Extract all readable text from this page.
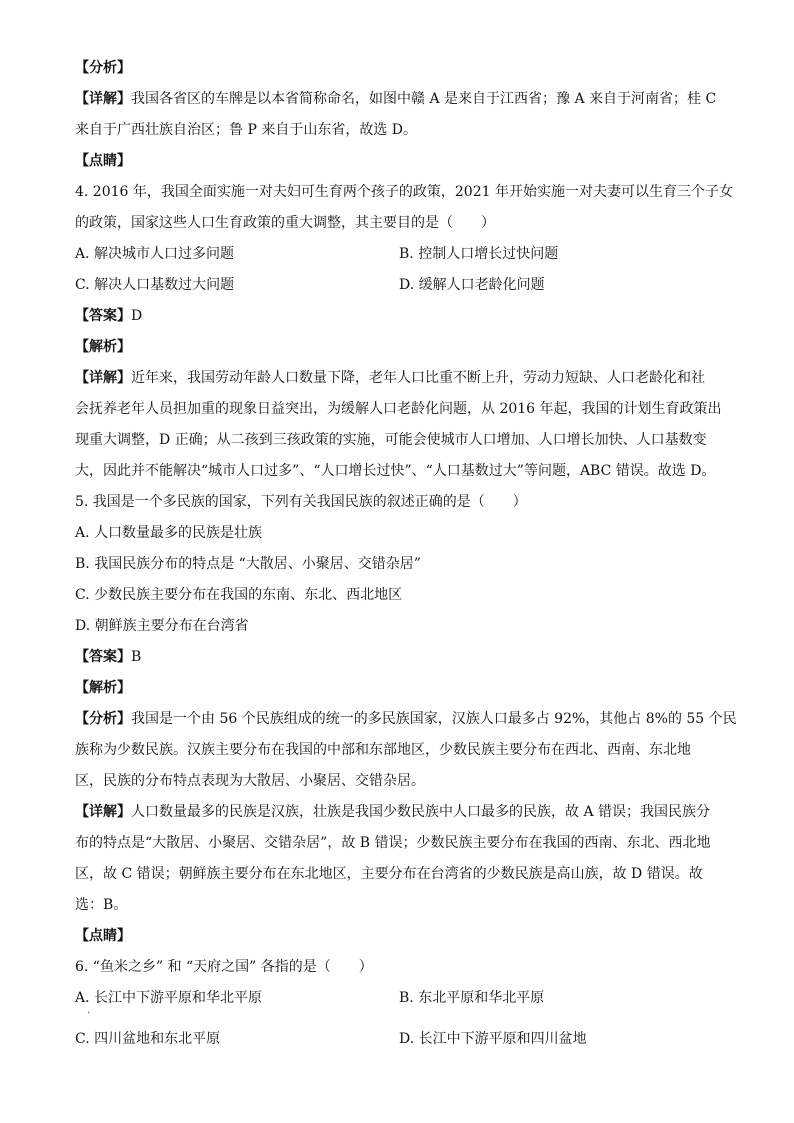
【分析】
【详解】我国各省区的车牌是以本省简称命名，如图中赣 A 是来自于江西省；豫 A 来自于河南省；桂 C
来自于广西壮族自治区；鲁 P 来自于山东省，故选 D。
【点睛】
4. 2016 年，我国全面实施一对夫妇可生育两个孩子的政策，2021 年开始实施一对夫妻可以生育三个子女
的政策，国家这些人口生育政策的重大调整，其主要目的是（　　）
A. 解决城市人口过多问题	B. 控制人口增长过快问题
C. 解决人口基数过大问题	D. 缓解人口老龄化问题
【答案】D
【解析】
【详解】近年来，我国劳动年龄人口数量下降，老年人口比重不断上升，劳动力短缺、人口老龄化和社
会抚养老年人员担加重的现象日益突出，为缓解人口老龄化问题，从 2016 年起，我国的计划生育政策出
现重大调整，D 正确；从二孩到三孩政策的实施，可能会使城市人口增加、人口增长加快、人口基数变
大，因此并不能解决“城市人口过多”、“人口增长过快”、“人口基数过大”等问题，ABC 错误。故选 D。
5. 我国是一个多民族的国家，下列有关我国民族的叙述正确的是（　　）
A. 人口数量最多的民族是壮族
B. 我国民族分布的特点是 “大散居、小聚居、交错杂居”
C. 少数民族主要分布在我国的东南、东北、西北地区
D. 朝鲜族主要分布在台湾省
【答案】B
【解析】
【分析】我国是一个由 56 个民族组成的统一的多民族国家，汉族人口最多占 92%，其他占 8%的 55 个民
族称为少数民族。汉族主要分布在我国的中部和东部地区，少数民族主要分布在西北、西南、东北地
区，民族的分布特点表现为大散居、小聚居、交错杂居。
【详解】人口数量最多的民族是汉族，壮族是我国少数民族中人口最多的民族，故 A 错误；我国民族分
布的特点是“大散居、小聚居、交错杂居”，故 B 错误；少数民族主要分布在我国的西南、东北、西北地
区，故 C 错误；朝鲜族主要分布在东北地区，主要分布在台湾省的少数民族是高山族，故 D 错误。故
选：B。
【点睛】
6. “鱼米之乡” 和 “天府之国” 各指的是（　　）
A. 长江中下游平原和华北平原	B. 东北平原和华北平原
·
C. 四川盆地和东北平原	D. 长江中下游平原和四川盆地
